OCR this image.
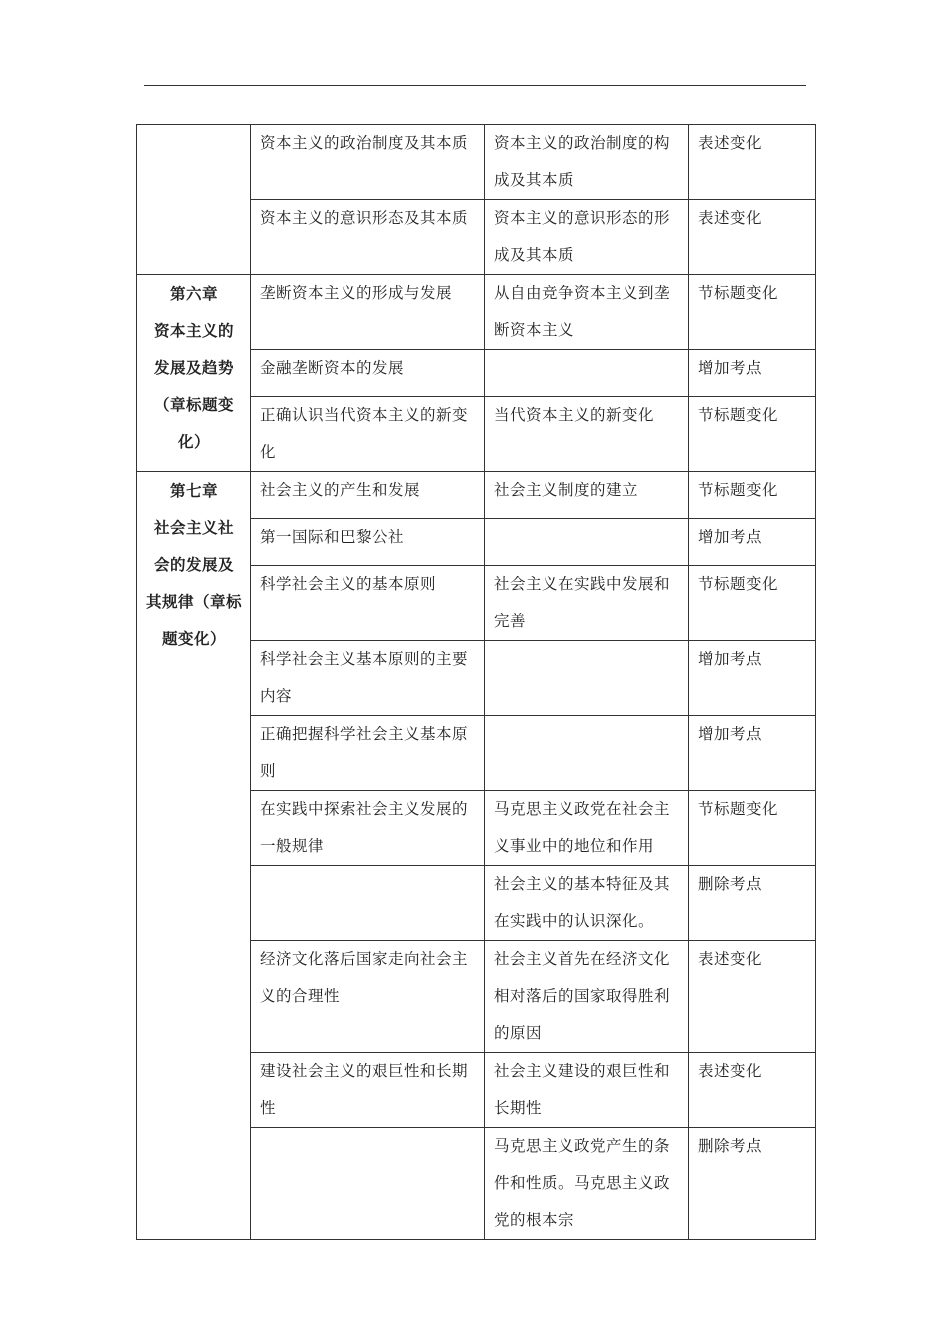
	资本主义的政治制度及其本质	资本主义的政治制度的构成及其本质	表述变化
	资本主义的意识形态及其本质	资本主义的意识形态的形成及其本质	表述变化

第六章
资本主义的
发展及趋势
（章标题变
化）	垄断资本主义的形成与发展	从自由竞争资本主义到垄断资本主义	节标题变化
	金融垄断资本的发展		增加考点
	正确认识当代资本主义的新变化	当代资本主义的新变化	节标题变化

第七章
社会主义社
会的发展及
其规律（章标
题变化）	社会主义的产生和发展	社会主义制度的建立	节标题变化
	第一国际和巴黎公社		增加考点
	科学社会主义的基本原则	社会主义在实践中发展和完善	节标题变化
	科学社会主义基本原则的主要内容		增加考点
	正确把握科学社会主义基本原则		增加考点
	在实践中探索社会主义发展的一般规律	马克思主义政党在社会主义事业中的地位和作用	节标题变化
		社会主义的基本特征及其在实践中的认识深化。	删除考点
	经济文化落后国家走向社会主义的合理性	社会主义首先在经济文化相对落后的国家取得胜利的原因	表述变化
	建设社会主义的艰巨性和长期性	社会主义建设的艰巨性和长期性	表述变化
		马克思主义政党产生的条件和性质。马克思主义政党的根本宗	删除考点
